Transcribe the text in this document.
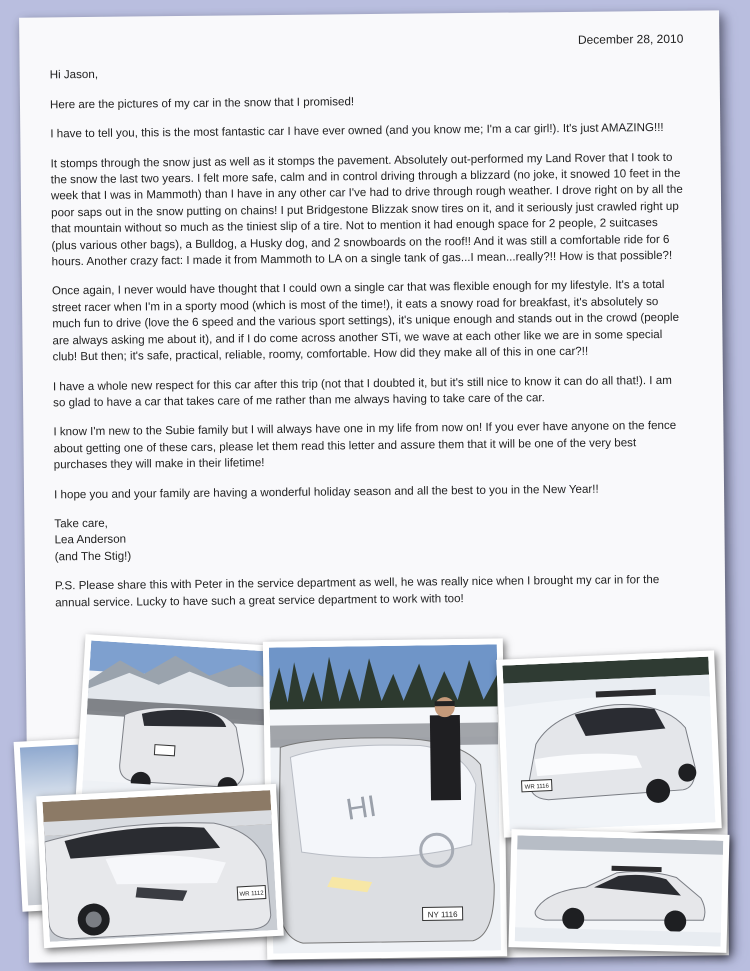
December 28, 2010

Hi Jason,

Here are the pictures of my car in the snow that I promised!

I have to tell you, this is the most fantastic car I have ever owned (and you know me; I'm a car girl!). It's just AMAZING!!!

It stomps through the snow just as well as it stomps the pavement. Absolutely out-performed my Land Rover that I took to the snow the last two years. I felt more safe, calm and in control driving through a blizzard (no joke, it snowed 10 feet in the week that I was in Mammoth) than I have in any other car I've had to drive through rough weather. I drove right on by all the poor saps out in the snow putting on chains! I put Bridgestone Blizzak snow tires on it, and it seriously just crawled right up that mountain without so much as the tiniest slip of a tire. Not to mention it had enough space for 2 people, 2 suitcases (plus various other bags), a Bulldog, a Husky dog, and 2 snowboards on the roof!! And it was still a comfortable ride for 6 hours. Another crazy fact: I made it from Mammoth to LA on a single tank of gas...I mean...really?!! How is that possible?!

Once again, I never would have thought that I could own a single car that was flexible enough for my lifestyle. It's a total street racer when I'm in a sporty mood (which is most of the time!), it eats a snowy road for breakfast, it's absolutely so much fun to drive (love the 6 speed and the various sport settings), it's unique enough and stands out in the crowd (people are always asking me about it), and if I do come across another STi, we wave at each other like we are in some special club! But then; it's safe, practical, reliable, roomy, comfortable. How did they make all of this in one car?!!

I have a whole new respect for this car after this trip (not that I doubted it, but it's still nice to know it can do all that!). I am so glad to have a car that takes care of me rather than me always having to take care of the car.

I know I'm new to the Subie family but I will always have one in my life from now on! If you ever have anyone on the fence about getting one of these cars, please let them read this letter and assure them that it will be one of the very best purchases they will make in their lifetime!

I hope you and your family are having a wonderful holiday season and all the best to you in the New Year!!

Take care,

Lea Anderson

(and The Stig!)

P.S. Please share this with Peter in the service department as well, he was really nice when I brought my car in for the annual service. Lucky to have such a great service department to work with too!

HI
NY 1116
WR 1116
WR 1112
